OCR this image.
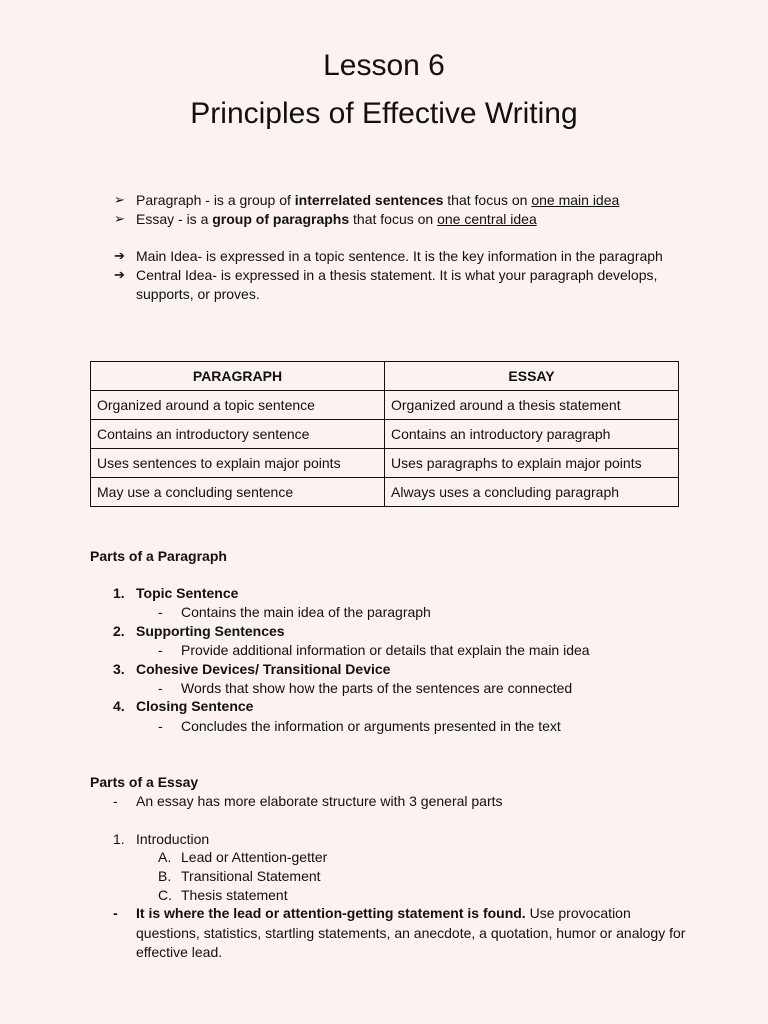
Lesson 6
Principles of Effective Writing
➢ Paragraph - is a group of interrelated sentences that focus on one main idea
➢ Essay - is a group of paragraphs that focus on one central idea
➔ Main Idea- is expressed in a topic sentence. It is the key information in the paragraph
➔ Central Idea- is expressed in a thesis statement. It is what your paragraph develops,
supports, or proves.
PARAGRAPH	ESSAY
Organized around a topic sentence	Organized around a thesis statement
Contains an introductory sentence	Contains an introductory paragraph
Uses sentences to explain major points	Uses paragraphs to explain major points
May use a concluding sentence	Always uses a concluding paragraph
Parts of a Paragraph
1. Topic Sentence
- Contains the main idea of the paragraph
2. Supporting Sentences
- Provide additional information or details that explain the main idea
3. Cohesive Devices/ Transitional Device
- Words that show how the parts of the sentences are connected
4. Closing Sentence
- Concludes the information or arguments presented in the text
Parts of a Essay
- An essay has more elaborate structure with 3 general parts
1. Introduction
A. Lead or Attention-getter
B. Transitional Statement
C. Thesis statement
- It is where the lead or attention-getting statement is found. Use provocation
questions, statistics, startling statements, an anecdote, a quotation, humor or analogy for
effective lead.
